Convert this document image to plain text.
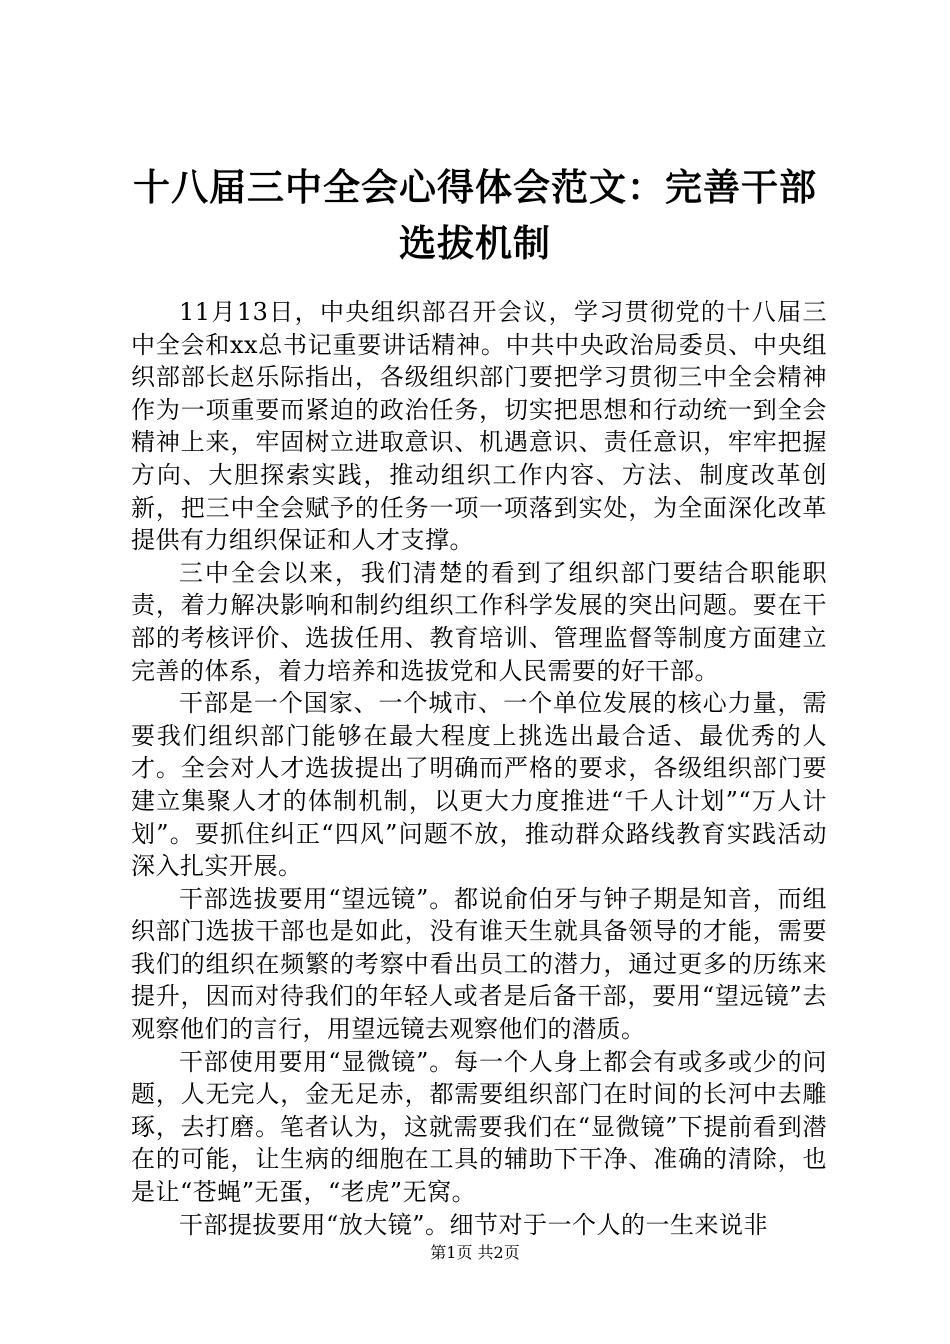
十八届三中全会心得体会范文：完善干部选拔机制

11月13日，中央组织部召开会议，学习贯彻党的十八届三中全会和xx总书记重要讲话精神。中共中央政治局委员、中央组织部部长赵乐际指出，各级组织部门要把学习贯彻三中全会精神作为一项重要而紧迫的政治任务，切实把思想和行动统一到全会精神上来，牢固树立进取意识、机遇意识、责任意识，牢牢把握方向、大胆探索实践，推动组织工作内容、方法、制度改革创新，把三中全会赋予的任务一项一项落到实处，为全面深化改革提供有力组织保证和人才支撑。

三中全会以来，我们清楚的看到了组织部门要结合职能职责，着力解决影响和制约组织工作科学发展的突出问题。要在干部的考核评价、选拔任用、教育培训、管理监督等制度方面建立完善的体系，着力培养和选拔党和人民需要的好干部。

干部是一个国家、一个城市、一个单位发展的核心力量，需要我们组织部门能够在最大程度上挑选出最合适、最优秀的人才。全会对人才选拔提出了明确而严格的要求，各级组织部门要建立集聚人才的体制机制，以更大力度推进“千人计划”“万人计划”。要抓住纠正“四风”问题不放，推动群众路线教育实践活动深入扎实开展。

干部选拔要用“望远镜”。都说俞伯牙与钟子期是知音，而组织部门选拔干部也是如此，没有谁天生就具备领导的才能，需要我们的组织在频繁的考察中看出员工的潜力，通过更多的历练来提升，因而对待我们的年轻人或者是后备干部，要用“望远镜”去观察他们的言行，用望远镜去观察他们的潜质。

干部使用要用“显微镜”。每一个人身上都会有或多或少的问题，人无完人，金无足赤，都需要组织部门在时间的长河中去雕琢，去打磨。笔者认为，这就需要我们在“显微镜”下提前看到潜在的可能，让生病的细胞在工具的辅助下干净、准确的清除，也是让“苍蝇”无蛋，“老虎”无窝。

干部提拔要用“放大镜”。细节对于一个人的一生来说非

第1页 共2页
